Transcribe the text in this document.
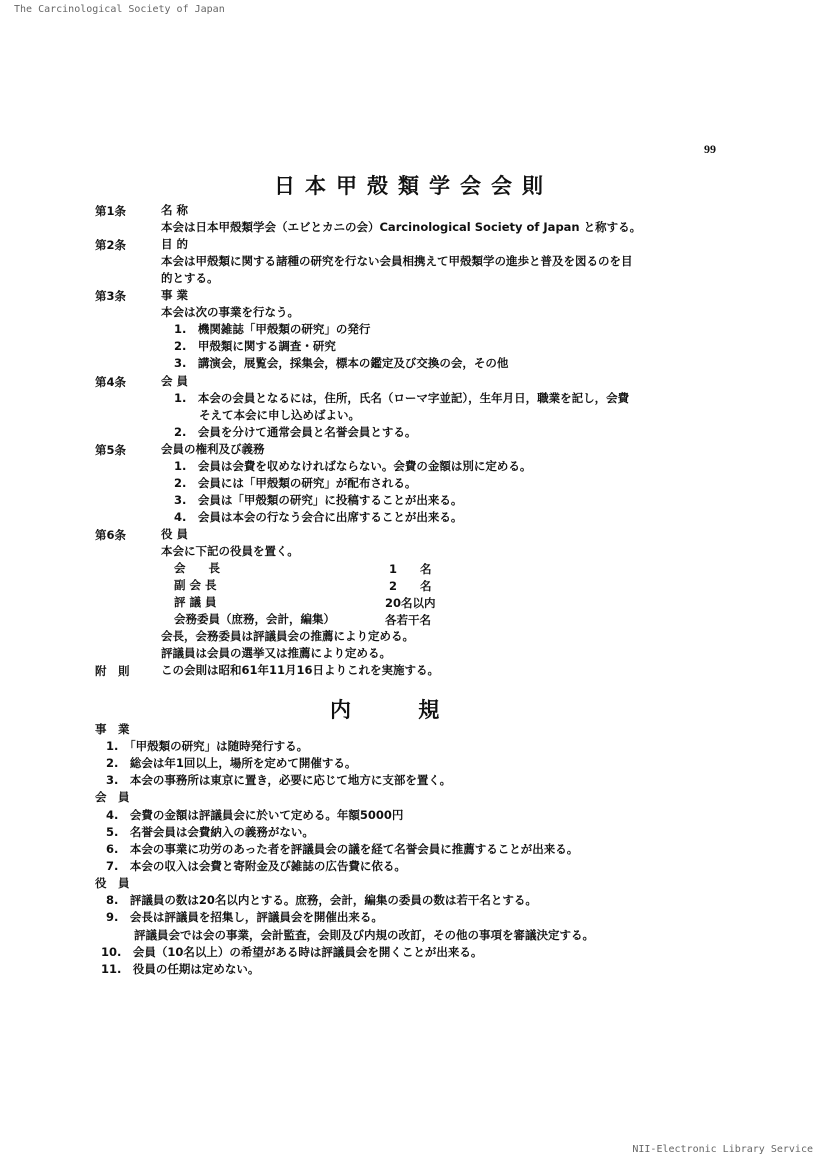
The Carcinological Society of Japan
99
日本甲殻類学会会則
第1条	名 称
本会は日本甲殻類学会（エビとカニの会）Carcinological Society of Japan と称する。
第2条	目 的
本会は甲殻類に関する諸種の研究を行ない会員相携えて甲殻類学の進歩と普及を図るのを目
的とする。
第3条	事 業
本会は次の事業を行なう。
1.　機関雑誌「甲殻類の研究」の発行
2.　甲殻類に関する調査・研究
3.　講演会，展覧会，採集会，標本の鑑定及び交換の会，その他
第4条	会 員
1.　本会の会員となるには，住所，氏名（ローマ字並記），生年月日，職業を記し，会費
そえて本会に申し込めばよい。
2.　会員を分けて通常会員と名誉会員とする。
第5条	会員の権利及び義務
1.　会員は会費を収めなければならない。会費の金額は別に定める。
2.　会員には「甲殻類の研究」が配布される。
3.　会員は「甲殻類の研究」に投稿することが出来る。
4.　会員は本会の行なう会合に出席することが出来る。
第6条	役 員
本会に下記の役員を置く。
会　　長	1　　名
副 会 長	2　　名
評 議 員	20名以内
会務委員（庶務，会計，編集）	各若干名
会長，会務委員は評議員会の推薦により定める。
評議員は会員の選挙又は推薦により定める。
附　則	この会則は昭和61年11月16日よりこれを実施する。
内 規
事　業
1.　「甲殻類の研究」は随時発行する。
2.　総会は年1回以上，場所を定めて開催する。
3.　本会の事務所は東京に置き，必要に応じて地方に支部を置く。
会　員
4.　会費の金額は評議員会に於いて定める。年額5000円
5.　名誉会員は会費納入の義務がない。
6.　本会の事業に功労のあった者を評議員会の議を経て名誉会員に推薦することが出来る。
7.　本会の収入は会費と寄附金及び雑誌の広告費に依る。
役　員
8.　評議員の数は20名以内とする。庶務，会計，編集の委員の数は若干名とする。
9.　会長は評議員を招集し，評議員会を開催出来る。
評議員会では会の事業，会計監査，会則及び内規の改訂，その他の事項を審議決定する。
10.　会員（10名以上）の希望がある時は評議員会を開くことが出来る。
11.　役員の任期は定めない。
NII-Electronic Library Service
